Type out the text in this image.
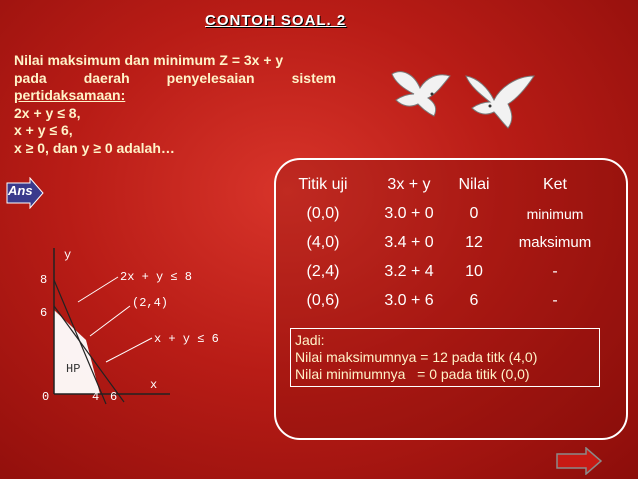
CONTOH SOAL. 2
Nilai maksimum dan minimum Z = 3x + y
pada daerah penyelesaian sistem
pertidaksamaan:
2x + y ≤ 8,
x + y ≤ 6,
x ≥ 0, dan y ≥ 0 adalah…
Ans
y
x
8
6
0	4 6
2x + y ≤ 8
(2,4)
x + y ≤ 6
HP
Titik uji	3x + y	Nilai	Ket
(0,0)	3.0 + 0	0	minimum
(4,0)	3.4 + 0	12	maksimum
(2,4)	3.2 + 4	10	-
(0,6)	3.0 + 6	6	-
Jadi:
Nilai maksimumnya = 12 pada titk (4,0)
Nilai minimumnya   = 0 pada titik (0,0)
